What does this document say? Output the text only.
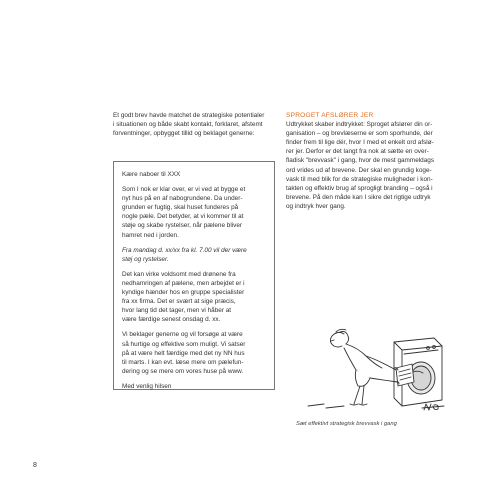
Et godt brev havde matchet de strategiske potentialer

i situationen og både skabt kontakt, forklaret, afstemt

forventninger, opbygget tillid og beklaget generne:

Kære naboer til XXX

Som I nok er klar over, er vi ved at bygge et
nyt hus på en af nabogrundene. Da under-
grunden er fugtig, skal huset funderes på
nogle pæle. Det betyder, at vi kommer til at
støje og skabe rystelser, når pælene bliver
hamret ned i jorden.

Fra mandag d. xx/xx fra kl. 7.00 vil der være
støj og rystelser.

Det kan virke voldsomt med drønene fra
nedhamringen af pælene, men arbejdet er i
kyndige hænder hos en gruppe specialister
fra xx firma. Det er svært at sige præcis,
hvor lang tid det tager, men vi håber at
være færdige senest onsdag d. xx.

Vi beklager generne og vil forsøge at være
så hurtige og effektive som muligt. Vi satser
på at være helt færdige med det ny NN hus
til marts. I kan evt. læse mere om pælefun-
dering og se mere om vores huse på www.

Med venlig hilsen

SPROGET AFSLØRER JER

Udtrykket skaber indtrykket: Sproget afslører din or-

ganisation – og brevlæserne er som sporhunde, der

finder frem til lige dér, hvor I med et enkelt ord afslø-

rer jer. Derfor er det langt fra nok at sætte en over-

fladisk "brevvask" i gang, hvor de mest gammeldags

ord vrides ud af brevene. Der skal en grundig koge-

vask til med blik for de strategiske muligheder i kon-

takten og effektiv brug af sprogligt branding – også i

brevene. På den måde kan I sikre det rigtige udtryk

og indtryk hver gang.

Sæt effektivt strategisk brevvask i gang
8
